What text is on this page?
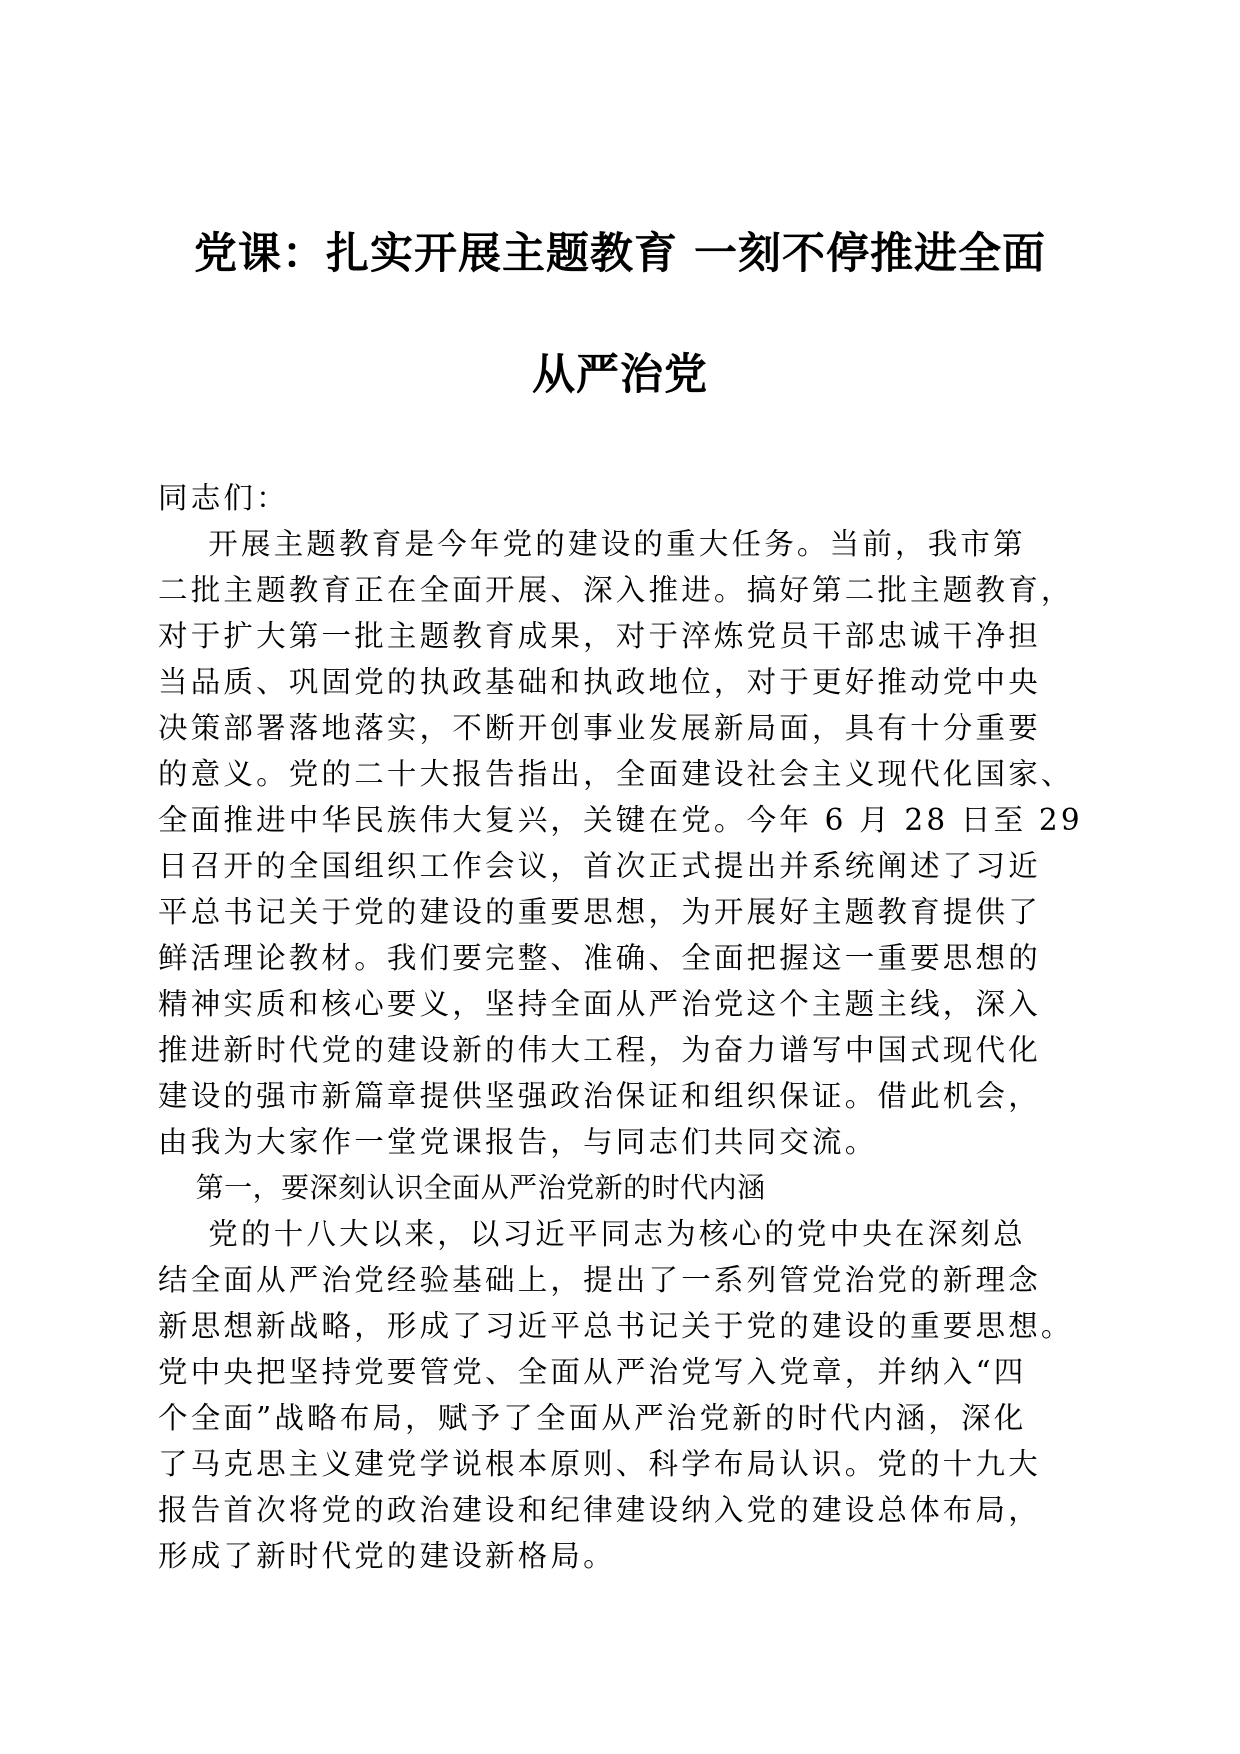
党课：扎实开展主题教育 一刻不停推进全面
从严治党
同志们：
开展主题教育是今年党的建设的重大任务。当前，我市第
二批主题教育正在全面开展、深入推进。搞好第二批主题教育，
对于扩大第一批主题教育成果，对于淬炼党员干部忠诚干净担
当品质、巩固党的执政基础和执政地位，对于更好推动党中央
决策部署落地落实，不断开创事业发展新局面，具有十分重要
的意义。党的二十大报告指出，全面建设社会主义现代化国家、
全面推进中华民族伟大复兴，关键在党。今年 6 月 28 日至 29
日召开的全国组织工作会议，首次正式提出并系统阐述了习近
平总书记关于党的建设的重要思想，为开展好主题教育提供了
鲜活理论教材。我们要完整、准确、全面把握这一重要思想的
精神实质和核心要义，坚持全面从严治党这个主题主线，深入
推进新时代党的建设新的伟大工程，为奋力谱写中国式现代化
建设的强市新篇章提供坚强政治保证和组织保证。借此机会，
由我为大家作一堂党课报告，与同志们共同交流。
第一，要深刻认识全面从严治党新的时代内涵
党的十八大以来，以习近平同志为核心的党中央在深刻总
结全面从严治党经验基础上，提出了一系列管党治党的新理念
新思想新战略，形成了习近平总书记关于党的建设的重要思想。
党中央把坚持党要管党、全面从严治党写入党章，并纳入“四
个全面”战略布局，赋予了全面从严治党新的时代内涵，深化
了马克思主义建党学说根本原则、科学布局认识。党的十九大
报告首次将党的政治建设和纪律建设纳入党的建设总体布局，
形成了新时代党的建设新格局。
